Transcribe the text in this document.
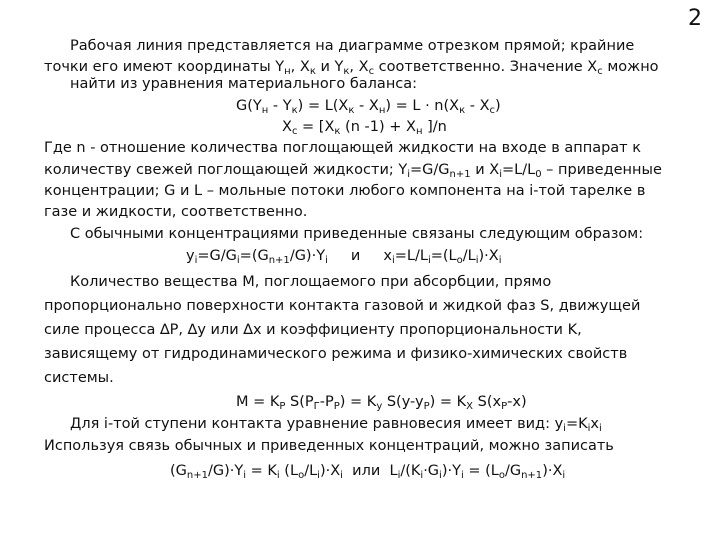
2
Рабочая линия представляется на диаграмме отрезком прямой; крайние
точки его имеют координаты $Y_н$, $X_к$ и $Y_к$, $X_c$ соответственно. Значение $X_c$ можно
найти из уравнения материального баланса:
$G(Y_н - Y_к) = L(X_к - X_н) = L \cdot n(X_к - X_c)$
$X_c = [X_к$ (n $-1) + X_н$ ]/n
Где n - отношение количества поглощающей жидкости на входе в аппарат к
количеству свежей поглощающей жидкости; $Y_i=G/G_{n+1}$ и $X_i=L/L_0$ – приведенные
концентрации; G и L – мольные потоки любого компонента на i-той тарелке в
газе и жидкости, соответственно.
С обычными концентрациями приведенные связаны следующим образом:
$y_i=G/G_i=(G_{n+1}/G)\cdot Y_i$     и     $x_i=L/L_i=(L_o/L_i)\cdot X_i$
Количество вещества M, поглощаемого при абсорбции, прямо
пропорционально поверхности контакта газовой и жидкой фаз S, движущей
силе процесса ∆P, ∆y или ∆x и коэффициенту пропорциональности K,
зависящему от гидродинамического режима и физико-химических свойств
системы.
$M = K_P$ $S(P_Г-P_P) = K_y$ $S(y-y_P) = K_X$ $S(x_P-x)$
Для i-той ступени контакта уравнение равновесия имеет вид: $y_i=K_ix_i$
Используя связь обычных и приведенных концентраций, можно записать
$(G_{n+1}/G)\cdot Y_i = K_i$ $(L_o/L_i)\cdot X_i$  или  $L_i/(K_i\cdot G_i)\cdot Y_i = (L_o/G_{n+1})\cdot X_i$
